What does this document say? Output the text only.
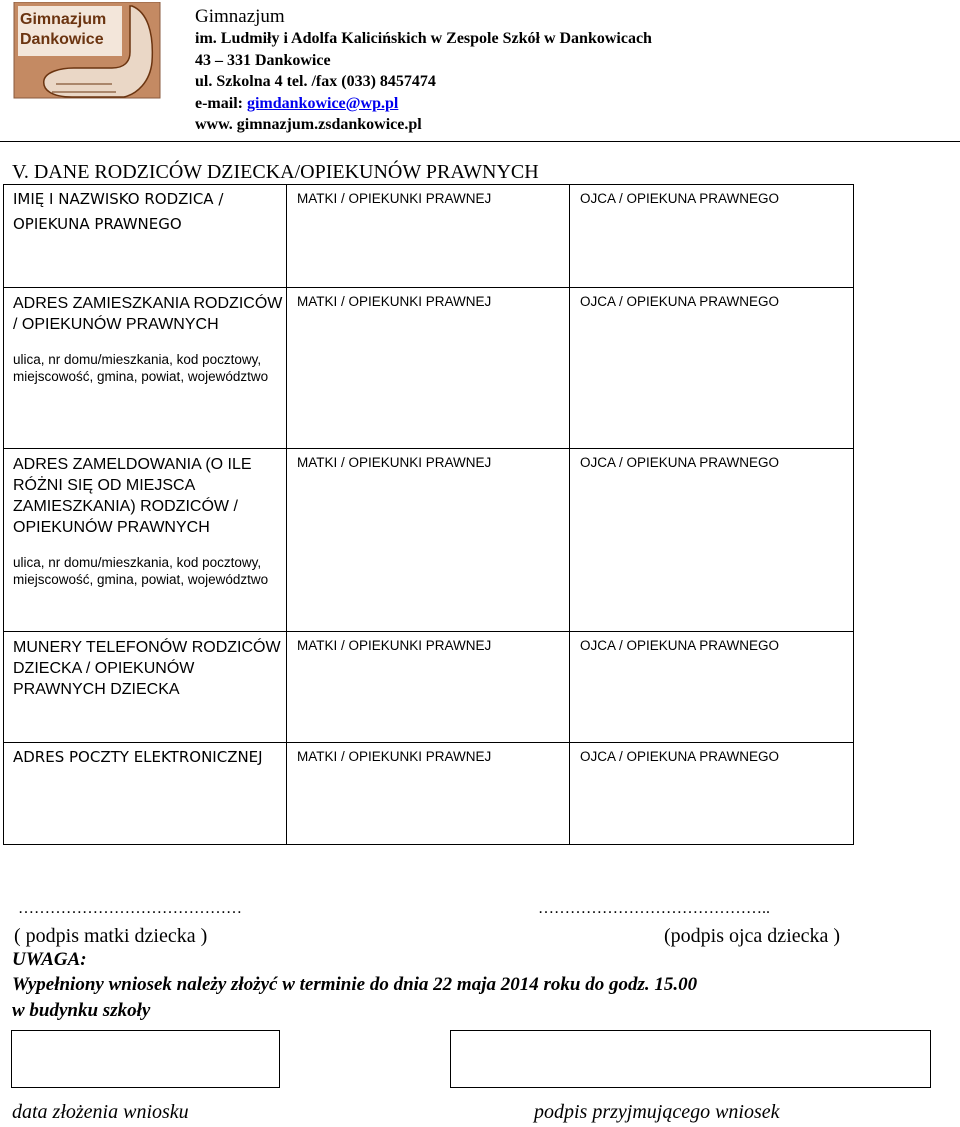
Gimnazjum
Dankowice
Gimnazjum
im. Ludmiły i Adolfa Kalicińskich w Zespole Szkół w Dankowicach
43 – 331 Dankowice
ul. Szkolna 4 tel. /fax (033) 8457474
e-mail: gimdankowice@wp.pl
www. gimnazjum.zsdankowice.pl
V. DANE RODZICÓW DZIECKA/OPIEKUNÓW PRAWNYCH
IMIĘ I NAZWISKO RODZICA / OPIEKUNA PRAWNEGO	MATKI / OPIEKUNKI PRAWNEJ	OJCA / OPIEKUNA PRAWNEGO

ADRES ZAMIESZKANIA RODZICÓW / OPIEKUNÓW PRAWNYCH
ulica, nr domu/mieszkania, kod pocztowy, miejscowość, gmina, powiat, województwo	MATKI / OPIEKUNKI PRAWNEJ	OJCA / OPIEKUNA PRAWNEGO

ADRES ZAMELDOWANIA (O ILE RÓŻNI SIĘ OD MIEJSCA ZAMIESZKANIA) RODZICÓW / OPIEKUNÓW PRAWNYCH
ulica, nr domu/mieszkania, kod pocztowy, miejscowość, gmina, powiat, województwo	MATKI / OPIEKUNKI PRAWNEJ	OJCA / OPIEKUNA PRAWNEGO

MUNERY TELEFONÓW RODZICÓW DZIECKA / OPIEKUNÓW PRAWNYCH DZIECKA	MATKI / OPIEKUNKI PRAWNEJ	OJCA / OPIEKUNA PRAWNEGO

ADRES POCZTY ELEKTRONICZNEJ	MATKI / OPIEKUNKI PRAWNEJ	OJCA / OPIEKUNA PRAWNEGO
……………………………………	……………………………………..
( podpis matki dziecka )	(podpis ojca dziecka )
UWAGA:
Wypełniony wniosek należy złożyć w terminie do dnia 22 maja 2014 roku do godz. 15.00
w budynku szkoły
data złożenia wniosku	podpis przyjmującego wniosek
